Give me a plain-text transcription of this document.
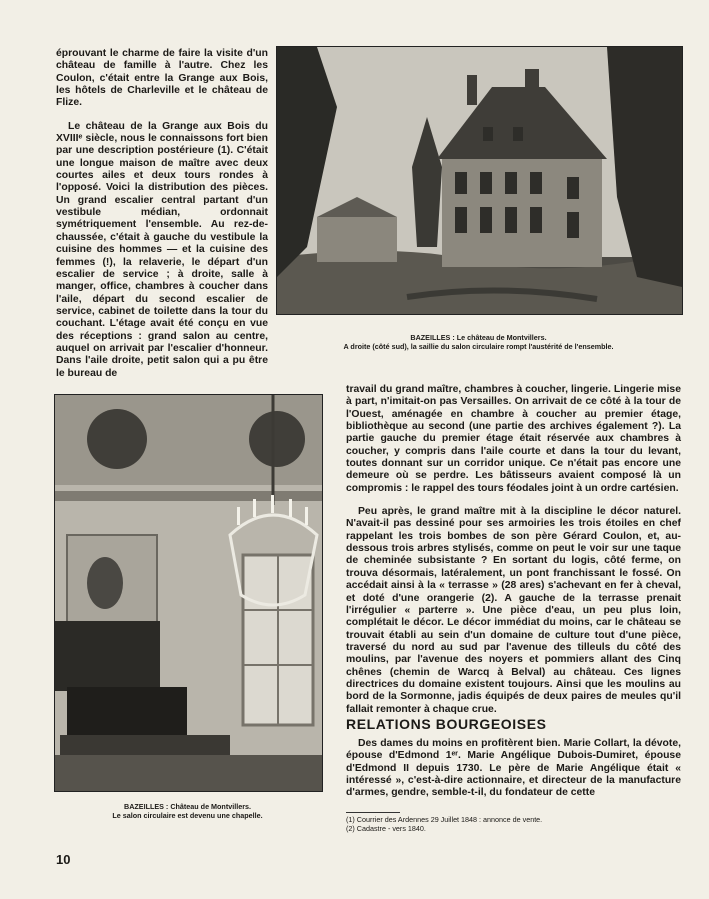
éprouvant le charme de faire la visite d'un château de famille à l'autre. Chez les Coulon, c'était entre la Grange aux Bois, les hôtels de Charleville et le château de Flize.

Le château de la Grange aux Bois du XVIIIᵉ siècle, nous le connaissons fort bien par une description postérieure (1). C'était une longue maison de maître avec deux courtes ailes et deux tours rondes à l'opposé. Voici la distribution des pièces. Un grand escalier central partant d'un vestibule médian, ordonnait symétriquement l'ensemble. Au rez-de-chaussée, c'était à gauche du vestibule la cuisine des hommes — et la cuisine des femmes (!), la relaverie, le départ d'un escalier de service ; à droite, salle à manger, office, chambres à coucher dans l'aile, départ du second escalier de service, cabinet de toilette dans la tour du couchant. L'étage avait été conçu en vue des réceptions : grand salon au centre, auquel on arrivait par l'escalier d'honneur. Dans l'aile droite, petit salon qui a pu être le bureau de

BAZEILLES : Le château de Montvillers.
A droite (côté sud), la saillie du salon circulaire rompt l'austérité de l'ensemble.
BAZEILLES : Château de Montvillers.
Le salon circulaire est devenu une chapelle.

travail du grand maître, chambres à coucher, lingerie. Lingerie mise à part, n'imitait-on pas Versailles. On arrivait de ce côté à la tour de l'Ouest, aménagée en chambre à coucher au premier étage, bibliothèque au second (une partie des archives également ?). La partie gauche du premier étage était réservée aux chambres à coucher, y compris dans l'aile courte et dans la tour du levant, toutes donnant sur un corridor unique. Ce n'était pas encore une demeure où se perdre. Les bâtisseurs avaient composé là un compromis : le rappel des tours féodales joint à un ordre cartésien.

Peu après, le grand maître mit à la discipline le décor naturel. N'avait-il pas dessiné pour ses armoiries les trois étoiles en chef rappelant les trois bombes de son père Gérard Coulon, et, au-dessous trois arbres stylisés, comme on peut le voir sur une taque de cheminée subsistante ? En sortant du logis, côté ferme, on trouva désormais, latéralement, un pont franchissant le fossé. On accédait ainsi à la « terrasse » (28 ares) s'achevant en fer à cheval, et doté d'une orangerie (2). A gauche de la terrasse prenait l'irrégulier « parterre ». Une pièce d'eau, un peu plus loin, complétait le décor. Le décor immédiat du moins, car le château se trouvait établi au sein d'un domaine de culture tout d'une pièce, traversé du nord au sud par l'avenue des tilleuls du côté des moulins, par l'avenue des noyers et pommiers allant des Cinq chênes (chemin de Warcq à Belval) au château. Ces lignes directrices du domaine existent toujours. Ainsi que les moulins au bord de la Sormonne, jadis équipés de deux paires de meules qu'il fallait remonter à chaque crue.

RELATIONS BOURGEOISES

Des dames du moins en profitèrent bien. Marie Collart, la dévote, épouse d'Edmond 1ᵉʳ. Marie Angélique Dubois-Dumiret, épouse d'Edmond II depuis 1730. Le père de Marie Angélique était « intéressé », c'est-à-dire actionnaire, et directeur de la manufacture d'armes, gendre, semble-t-il, du fondateur de cette

(1) Courrier des Ardennes 29 Juillet 1848 : annonce de vente.
(2) Cadastre - vers 1840.
10
